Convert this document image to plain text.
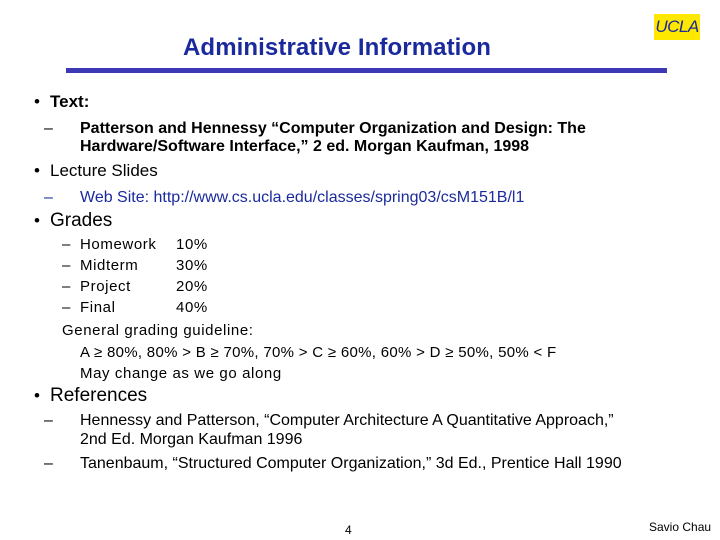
Administrative Information
UCLA
• Text:
– Patterson and Hennessy “Computer Organization and Design: The
Hardware/Software Interface,” 2 ed. Morgan Kaufman, 1998
• Lecture Slides
– Web Site: http://www.cs.ucla.edu/classes/spring03/csM151B/l1
• Grades
– Homework 10%
– Midterm	30%
– Project	20%
– Final	40%
General grading guideline:
A ≥ 80%, 80% > B ≥ 70%, 70% > C ≥ 60%, 60% > D ≥ 50%, 50% < F
May change as we go along
• References
– Hennessy and Patterson, “Computer Architecture A Quantitative Approach,”
2nd Ed. Morgan Kaufman 1996
– Tanenbaum, “Structured Computer Organization,” 3d Ed., Prentice Hall 1990
4	Savio Chau
